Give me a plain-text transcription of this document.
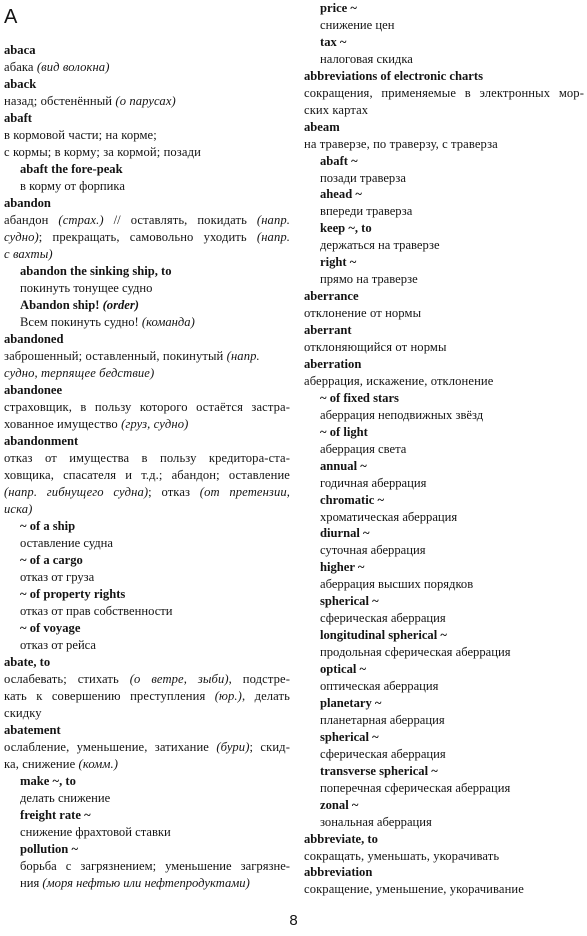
A
abaca
абака (вид волокна)
aback
назад; обстенённый (о парусах)
abaft
в кормовой части; на корме;
с кормы; в корму; за кормой; позади
abaft the fore-peak
в корму от форпика
abandon
абандон (страх.) // оставлять, покидать (напр.
судно); прекращать, самовольно уходить (напр.
с вахты)
abandon the sinking ship, to
покинуть тонущее судно
Abandon ship! (order)
Всем покинуть судно! (команда)
abandoned
заброшенный; оставленный, покинутый (напр.
судно, терпящее бедствие)
abandonee
страховщик, в пользу которого остаётся застра-
хованное имущество (груз, судно)
abandonment
отказ от имущества в пользу кредитора-ста-
ховщика, спасателя и т.д.; абандон; оставление
(напр. гибнущего судна); отказ (от претензии,
иска)
~ of a ship
оставление судна
~ of a cargo
отказ от груза
~ of property rights
отказ от прав собственности
~ of voyage
отказ от рейса
abate, to
ослабевать; стихать (о ветре, зыби), подстре-
кать к совершению преступления (юр.), делать
скидку
abatement
ослабление, уменьшение, затихание (бури); скид-
ка, снижение (комм.)
make ~, to
делать снижение
freight rate ~
снижение фрахтовой ставки
pollution ~
борьба с загрязнением; уменьшение загрязне-
ния (моря нефтью или нефтепродуктами)
price ~
снижение цен
tax ~
налоговая скидка
abbreviations of electronic charts
сокращения, применяемые в электронных мор-
ских картах
abeam
на траверзе, по траверзу, с траверза
abaft ~
позади траверза
ahead ~
впереди траверза
keep ~, to
держаться на траверзе
right ~
прямо на траверзе
aberrance
отклонение от нормы
aberrant
отклоняющийся от нормы
aberration
аберрация, искажение, отклонение
~ of fixed stars
аберрация неподвижных звёзд
~ of light
аберрация света
annual ~
годичная аберрация
chromatic ~
хроматическая аберрация
diurnal ~
суточная аберрация
higher ~
аберрация высших порядков
spherical ~
сферическая аберрация
longitudinal spherical ~
продольная сферическая аберрация
optical ~
оптическая аберрация
planetary ~
планетарная аберрация
spherical ~
сферическая аберрация
transverse spherical ~
поперечная сферическая аберрация
zonal ~
зональная аберрация
abbreviate, to
сокращать, уменьшать, укорачивать
abbreviation
сокращение, уменьшение, укорачивание
8
